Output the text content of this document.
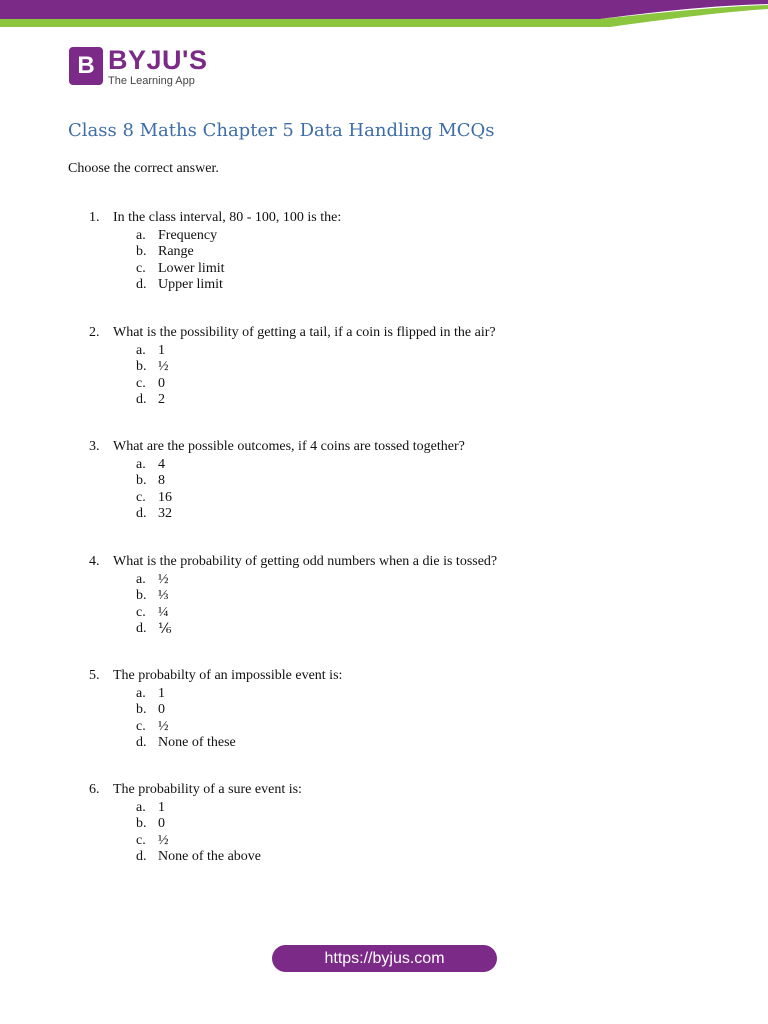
B BYJU'S
The Learning App
Class 8 Maths Chapter 5 Data Handling MCQs
Choose the correct answer.
1. In the class interval, 80 - 100, 100 is the:
a. Frequency
b. Range
c. Lower limit
d. Upper limit
2. What is the possibility of getting a tail, if a coin is flipped in the air?
a. 1
b. ½
c. 0
d. 2
3. What are the possible outcomes, if 4 coins are tossed together?
a. 4
b. 8
c. 16
d. 32
4. What is the probability of getting odd numbers when a die is tossed?
a. ½
b. ⅓
c. ¼
d. ⅙
5. The probabilty of an impossible event is:
a. 1
b. 0
c. ½
d. None of these
6. The probability of a sure event is:
a. 1
b. 0
c. ½
d. None of the above
https://byjus.com
